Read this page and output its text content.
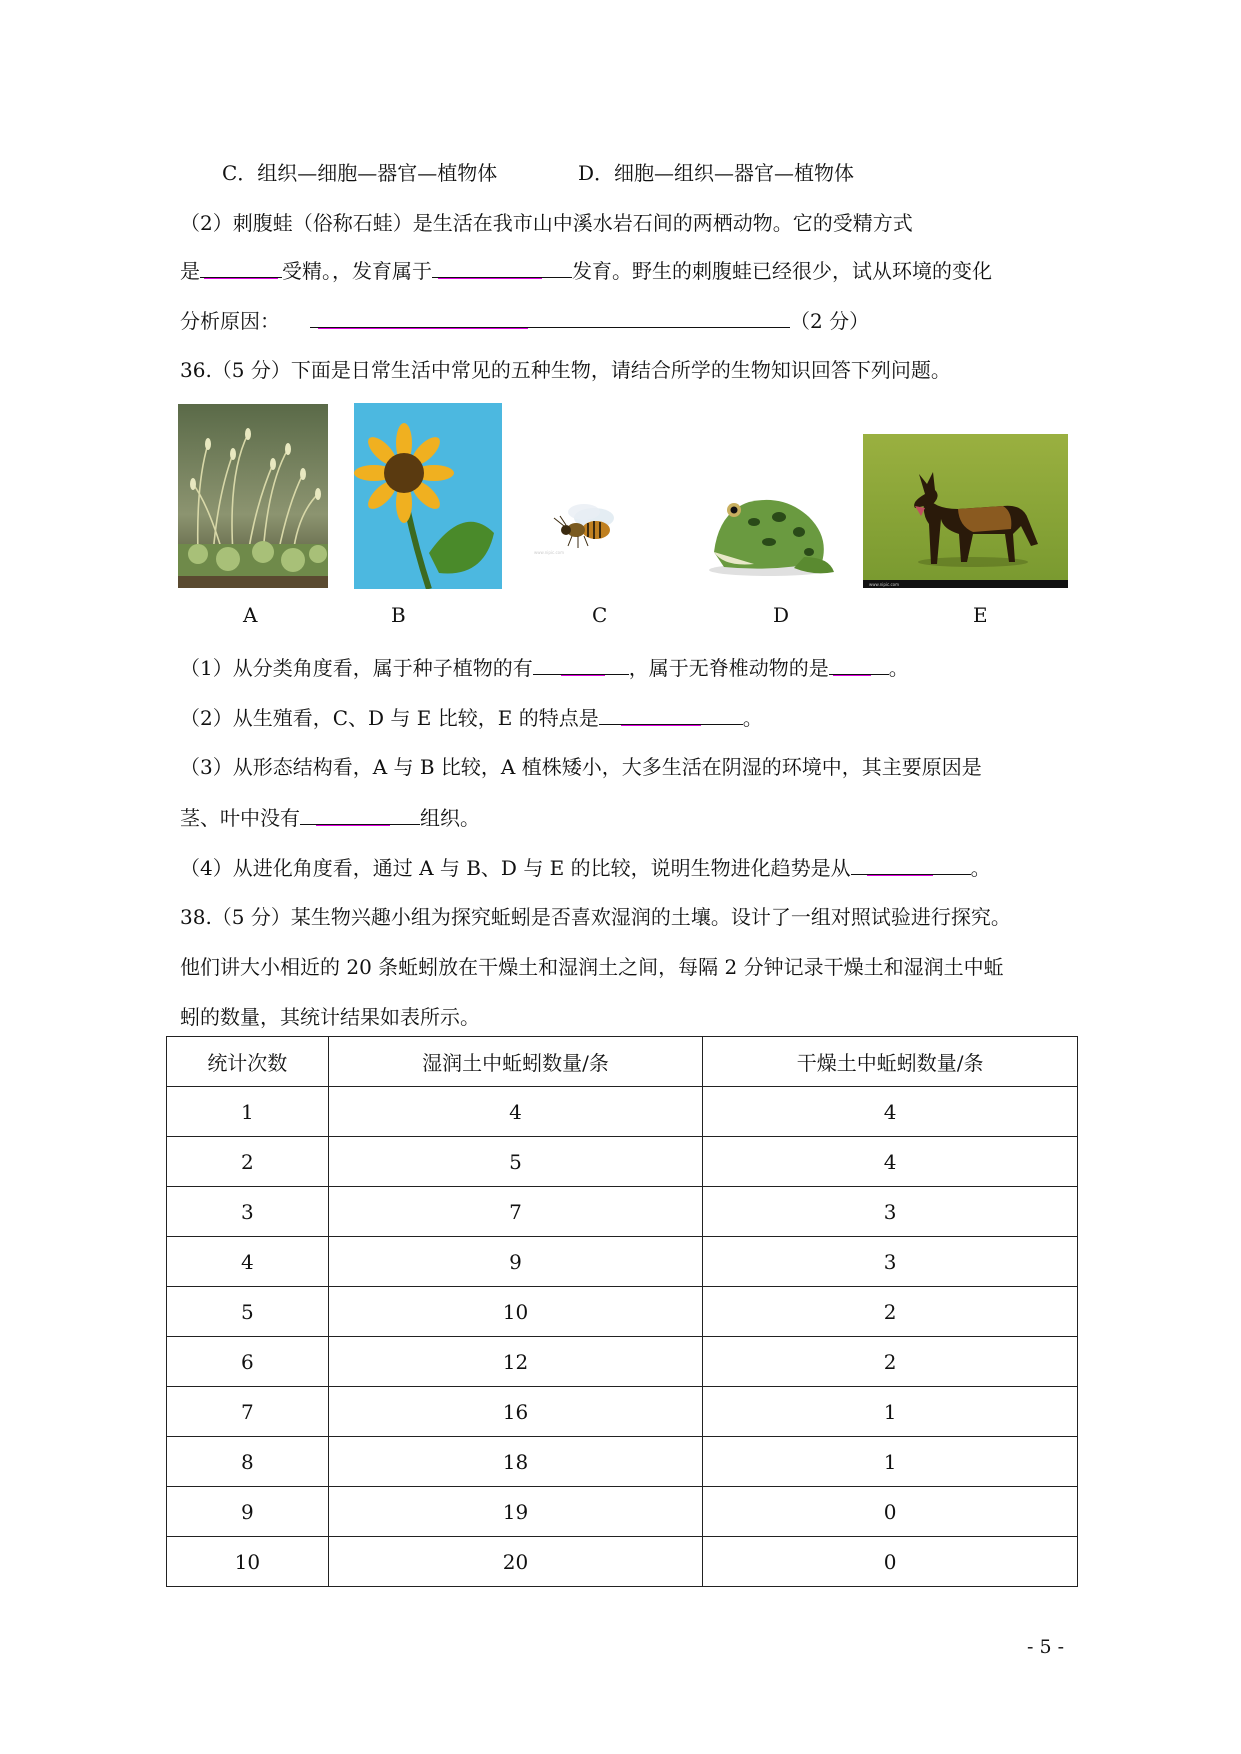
C．组织—细胞—器官—植物体	D．细胞—组织—器官—植物体
（2）刺腹蛙（俗称石蛙）是生活在我市山中溪水岩石间的两栖动物。它的受精方式
是	受精。，发育属于	发育。野生的刺腹蛙已经很少，试从环境的变化
分析原因：	（2 分）
36.（5 分）下面是日常生活中常见的五种生物，请结合所学的生物知识回答下列问题。
www.nipic.com
www.nipic.com
A	B	C	D	E
（1）从分类角度看，属于种子植物的有	，属于无脊椎动物的是	。
（2）从生殖看，C、D 与 E 比较，E 的特点是	。
（3）从形态结构看，A 与 B 比较，A 植株矮小，大多生活在阴湿的环境中，其主要原因是
茎、叶中没有	组织。
（4）从进化角度看，通过 A 与 B、D 与 E 的比较，说明生物进化趋势是从	。
38.（5 分）某生物兴趣小组为探究蚯蚓是否喜欢湿润的土壤。设计了一组对照试验进行探究。
他们讲大小相近的 20 条蚯蚓放在干燥土和湿润土之间，每隔 2 分钟记录干燥土和湿润土中蚯
蚓的数量，其统计结果如表所示。
统计次数	湿润土中蚯蚓数量/条	干燥土中蚯蚓数量/条
1	4	4
2	5	4
3	7	3
4	9	3
5	10	2
6	12	2
7	16	1
8	18	1
9	19	0
10	20	0
- 5 -
